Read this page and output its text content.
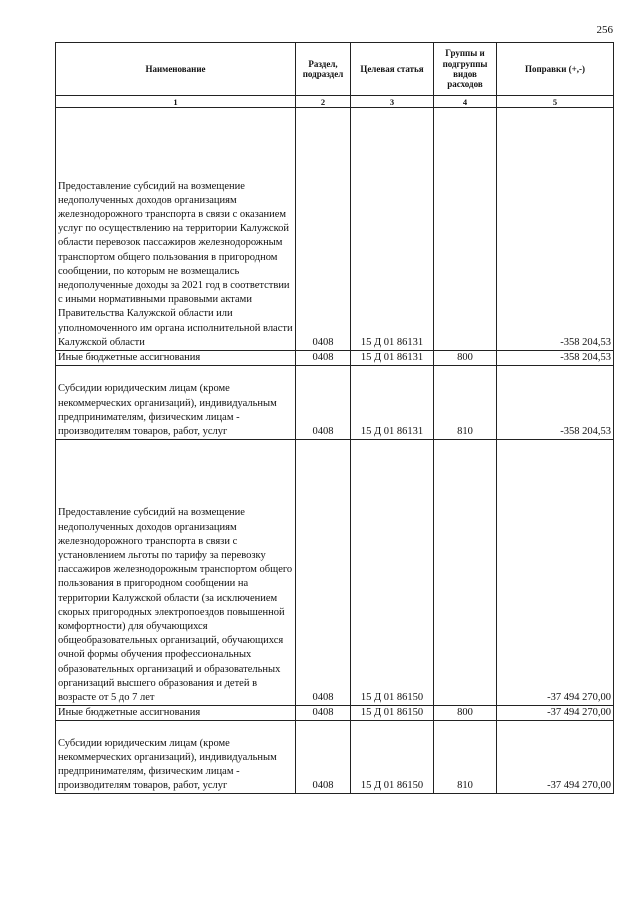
256
Наименование	Раздел, подраздел	Целевая статья	Группы и подгруппы видов расходов	Поправки (+,-)
1	2	3	4	5
Предоставление субсидий на возмещение недополученных доходов организациям железнодорожного транспорта в связи с оказанием услуг по осуществлению на территории Калужской области перевозок пассажиров железнодорожным транспортом общего пользования в пригородном сообщении, по которым не возмещались недополученные доходы за 2021 год в соответствии с иными нормативными правовыми актами Правительства Калужской области или уполномоченного им органа исполнительной власти Калужской области	0408	15 Д 01 86131		-358 204,53
Иные бюджетные ассигнования	0408	15 Д 01 86131	800	-358 204,53
Субсидии юридическим лицам (кроме некоммерческих организаций), индивидуальным предпринимателям, физическим лицам - производителям товаров, работ, услуг	0408	15 Д 01 86131	810	-358 204,53
Предоставление субсидий на возмещение недополученных доходов организациям железнодорожного транспорта в связи с установлением льготы по тарифу за перевозку пассажиров железнодорожным транспортом общего пользования в пригородном сообщении на территории Калужской области (за исключением скорых пригородных электропоездов повышенной комфортности) для обучающихся общеобразовательных организаций, обучающихся очной формы обучения профессиональных образовательных организаций и образовательных организаций высшего образования и детей в возрасте от 5 до 7 лет	0408	15 Д 01 86150		-37 494 270,00
Иные бюджетные ассигнования	0408	15 Д 01 86150	800	-37 494 270,00
Субсидии юридическим лицам (кроме некоммерческих организаций), индивидуальным предпринимателям, физическим лицам - производителям товаров, работ, услуг	0408	15 Д 01 86150	810	-37 494 270,00
